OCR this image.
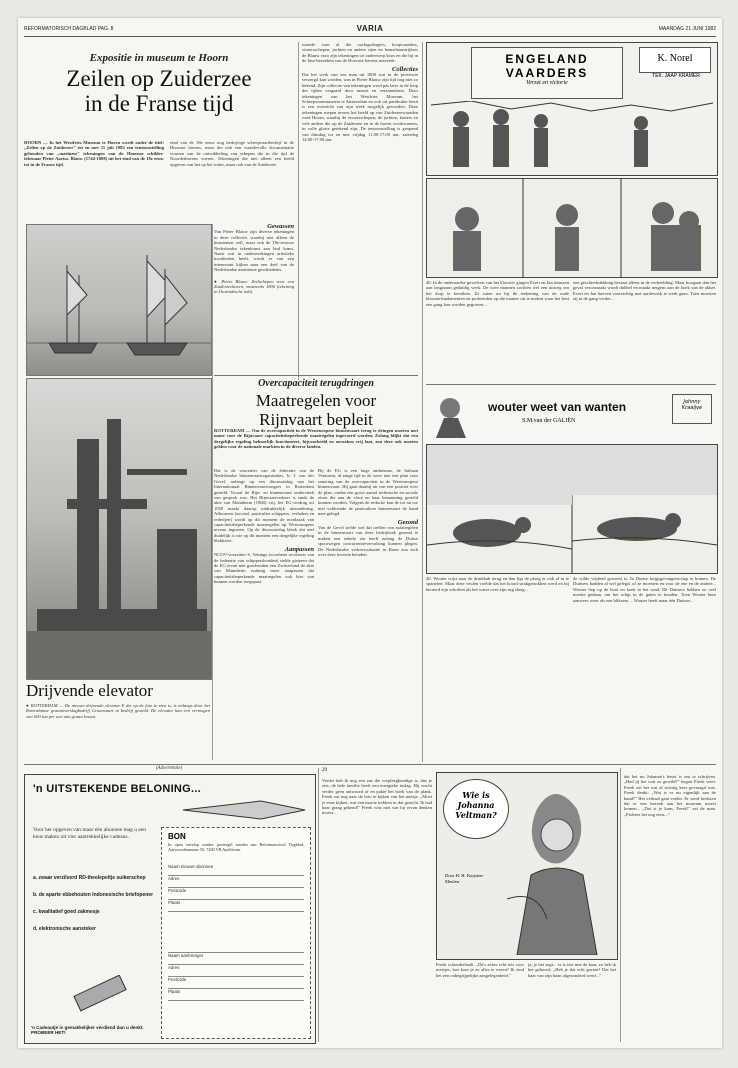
REFORMATORISCH DAGBLAD PAG. 8	VARIA	MAANDAG 21 JUNI 1982
Expositie in museum te Hoorn
Zeilen op Zuiderzee
in de Franse tijd
HOORN — In het Westfries Museum te Hoorn wordt onder de titel: „Zeilen op de Zuiderzee" tot en met 31 juli 1982 een tentoonstelling gehouden van „marinese" tekeningen van de Hoornse schilder-tekenaar Pieter Aartsz. Blauw (1744-1808) uit het eind van de 18e eeuw tot in de Franse tijd.
eind van de 18e eeuw nog bedrijvige scheepvaartbedrijf in de Hoornse havens, maar die ook een waardevolle documentatie vormen van de ontwikkeling van schepen die in die tijd de Noorderhavens voeren. Tekeningen die niet alleen een beeld opgeven van het op het water, maar ook van de Zuiderzee.
Gewassen
Van Pieter Blauw zijn diverse tekeningen in deze collectie, waarbij niet alleen de kunstenaar zelf, maar ook de 18e-eeuwse Nederlandse tekenkunst aan bod komt. Naast wat in onderzoekingen artistieke kwaliteiten heeft, wordt er van een interessant kijken naar een deel van de Nederlandse maritieme geschiedenis.
● Pieter Blauw: Zeilschepen voor een Zuiderzeehaven, omstreeks 1800 (tekening in Oostindische inkt).
waarde voor al die oorlogsdragers, koopvaarders, vissersschepen, jachten en andere rijen en hennelaanstrijkers de Blauw voor zijn tekeningen tot onderwerp koos en die hij in de fase-bezoeken van de Hoornse havens noteerde.
Collecties
Dat het werk van een man uit 1800 wat in de provincie verzorgd kan worden, was in Pieter Blauw zijn tijd nog niet zo bekend. Zijn collectie van tekeningen werd pas later in de loop der tijden vergaard door musea en verzamelaars. Door tekeningen van het Westfries Museum, het Scheepvaartmuseum te Amsterdam en ook uit partikulier bezit is een overzicht van zijn werk mogelijk geworden. Deze tekeningen roepen tevens het beeld op van Zuiderzeewaarden rond Hoorn, waarbij de vissersschepen, de jachten, kotters en vele andere die op de Zuiderzee en in de haven voorkwamen, in volle glorie getekend zijn. De tentoonstelling is geopend van dinsdag tot en met vrijdag 11.00-17.00 uur, zaterdag 14.00-17.00 uur.
Overcapaciteit terugdringen
Maatregelen voor
Rijnvaart bepleit
ROTTERDAM — Om de overcapaciteit in de Westeuropese binnenvaart terug te dringen moeten met name voor de Rijnvaart capaciteitsbeperkende maatregelen ingevoerd worden. Zolang blijkt dat een dergelijke regeling behoorlijk functioneert, bijvoorbeeld en oorzaken vrij laat, zou deze ook moeten gelden voor de nationale markten in de diverse landen.
Dat is de voorzitter van de federatie van de Nederlandse binnenvaartorganisaties, Ir. J. van der Gevel, onlangs op een discussiedag van het Internationaal Binnenvaartcongres in Rotterdam gesteld. Vooral de Rijn- en binnenvaart ondervindt van gesprek was. Het Rijnvaartverkeer is sinds de akte van Mannheim (1868) vrij, het EG-verdrag uit 1958 maakt daarop uitdrukkelijk uitzondering. Afbouwen (sociaal, particulier schippers, verladers en rederijen) wordt op dit moment de noodzaak van capaciteitsbeperkende maatregelen op Westeuropees niveau ingezien. Op de discussiedag bleek dat niet duidelijk is wie op dit moment een dergelijke regeling blokkeert.
Aanpassen
NCOV-voorzitter S. Venings (voorheen secretaris van de federatie van schippersbonden) stelde gisteren dat de EG ervan niet goedvinden een Zwitserland de akte van Mannheim zodanig moet aanpassen dat capaciteitsbeperkende maatregelen ook hier van kunnen worden toegepast.
Bij de EG is een hoge ambtenaar, de Italiaan Venturini, al enige tijd in de weer met een plan voor sanering van de overcapaciteit in de Westeuropese binnenvaart. Hij gaat daarbij uit van een positief over de plan, omdat een groot aantal technische en sociale eisen die aan de vloot en haar bemanning gesteld kunnen worden. Volgens de redactie kan de tot nu toe niet voldoende de particuliere binnenvaart de hand mee gelegd.
Gezond
Van de Gevel stelde wel dat treffen van maatregelen in de binnenvaart van deze bedrijfstak gezond te maken een enkele zin heeft zolang de Duitse spoorwegen concurrentievervalsing kunnen plegen. De Nederlandse verkeerssituatie in Bonn zou zich over deze kwestie beraden.
Drijvende elevator
● ROTTERDAM — De nieuwe drijvende elevator F die op de foto te zien is, is onlangs door het Rotterdamse graanoverslagbedrijf Graanvaart in bedrijf gesteld. De elevator kan een vermogen van 600 ton per uur aan graan lossen.
ENGELAND
VAARDERS
Verzet en victorie
K. Norel
TEK. JAAP KRAMER
40. In de onderaardse gewelven van het klooster gingen Evert en Jan intussen aan langzaam geduldig werk. De twee mannen zochten wel een uitweg om het dorp te bereiken. Ze zaten nu bij de teekening van de oude kloosterfundamenten en probeerden op die manier uit te maken waar het best een gang kon worden gegraven...
een geschiedsdekking bestaat alleen in de verbeelding. Maar hoegaan dan het geval veroorzaakt wordt dubbel en maakt nergens aan de hoek van de akker. Evert en Jan hoeven voorzichtig met aardewerk te werk gaan. Toen moesten zij in de gang verder...
wouter weet van wanten
S.M.van der GALIËN
Johnny Kraaijve
20. Wouter wijst naar de drinkbak terug en dan ligt de ploeg er ook al in te spartelen. Maar deze veulen voelde dat het koord strakgetrokken werd en hij beroerd zijn schoften als het water over zijn rug sloeg...
de wilde vrijheid geweest is. In Duitse krijgsgevangenschap te komen. De Duitsers hadden al wel gelegd, of ze moesten en voor de ene en de andere... Wouter liep op de boot en keek in het rond. De Duitsers hebben zo veel moeite gedaan, om het schip in de gaten te houden. Toen Wouter hem aanwees weer als een bliksem ... Wouter heeft maar één Duitser...
(Advertentie)
'n UITSTEKENDE BELONING...
Voor het opgeven van maar één abonnee mag u een keus maken uit vier aantrekkelijke cadeaus.
a. zwaar verzilverd RD-theelepeltje suikerschep
b. de aparte ebbehouten Indonesische briefopener
c. kwalitatief goed zakmesje
d. elektronische aansteker
'n Cadeautje is gemakkelijker verdiend dan u denkt. PROBEER HET!
BON
In open envelop zonder postzegel zenden aan Reformatorisch Dagblad, Antwoordnummer 50, 7200 VB Apeldoorn.
Naam nieuwe abonnee
Adres
Postcode
Plaats
Naam aanbrenger
Adres
Postcode
Plaats
29
Verder heb ik nog een zus die verpleegkundige is, dus je ziet, de hele familie heeft een energieke inslag. Hij wacht verder geen antwoord af en pakte het boek van de plank. Freek zat nog naar de foto te kijken van het meisje. „Moet je eens kijken, wat een mooie trekken in dat gezicht. Ik had haar graag gekend!" Freek wist niet wat hij ervan denken moest...
Freek schouderhaalt. „Da's zeker echt iets voor meisjes, hoe kom je zo alles te weten? Ik vind het een onbegrijpelijke aangelegenheid."
ja, je het zegt... er is iets met de haar, zo heb ik het gehoord. „Heb je dat echt gezien? Dat het haar van zijn baan afgezonderd werd..."
Wie is
Johanna
Veltman?
Door H. H. Kuijsten-Meulen
dat het nu Johanna's beurt is om te schrijven. „Had jij het ooit zo gewild?" begon Freek weer. Freek zei het wat al twintig keer gevraagd was. Freek denkt: „Wat is er nu eigenlijk aan de hand?" Het verhaal gaat verder. Er werd besloten dat er een bezoek aan het museum moest komen... „Dat is je kans, Freek!" zei de man. „Probeer het nog eens..."
